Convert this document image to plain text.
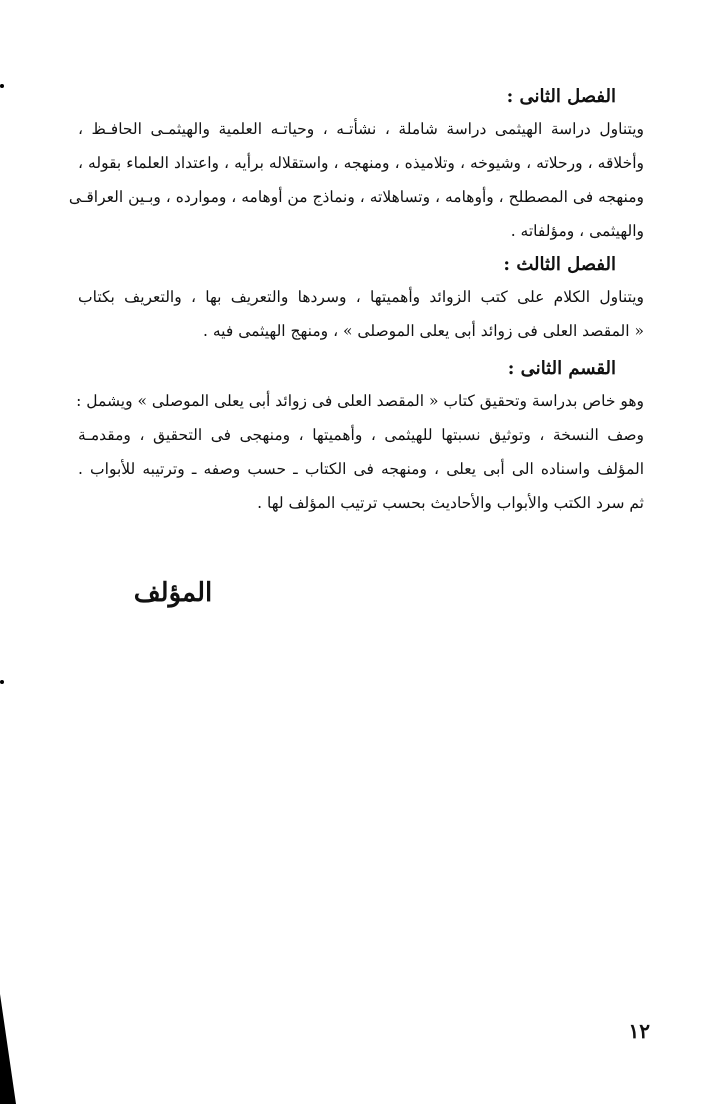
الفصل الثانى :

ويتناول دراسة الهيثمى دراسة شاملة ، نشأتـه ، وحياتـه العلمية والهيثمـى الحافـظ ،
وأخلاقه ، ورحلاته ، وشيوخه ، وتلاميذه ، ومنهجه ، واستقلاله برأيه ، واعتداد العلماء بقوله ،
ومنهجه فى المصطلح ، وأوهامه ، وتساهلاته ، ونماذج من أوهامه ، وموارده ، وبـين العراقـى
والهيثمى ، ومؤلفاته .

الفصل الثالث :

ويتناول الكلام على كتب الزوائد وأهميتها ، وسردها والتعريف بها ، والتعريف بكتاب
« المقصد العلى فى زوائد أبى يعلى الموصلى » ، ومنهج الهيثمى فيه .

القسم الثانى :

وهو خاص بدراسة وتحقيق كتاب « المقصد العلى فى زوائد أبى يعلى الموصلى » ويشمل :
وصف النسخة ، وتوثيق نسبتها للهيثمى ، وأهميتها ، ومنهجى فى التحقيق ، ومقدمـة
المؤلف واسناده الى أبى يعلى ، ومنهجه فى الكتاب ـ حسب وصفه ـ وترتيبه للأبواب .
ثم سرد الكتب والأبواب والأحاديث بحسب ترتيب المؤلف لها .

المؤلف
١٢
